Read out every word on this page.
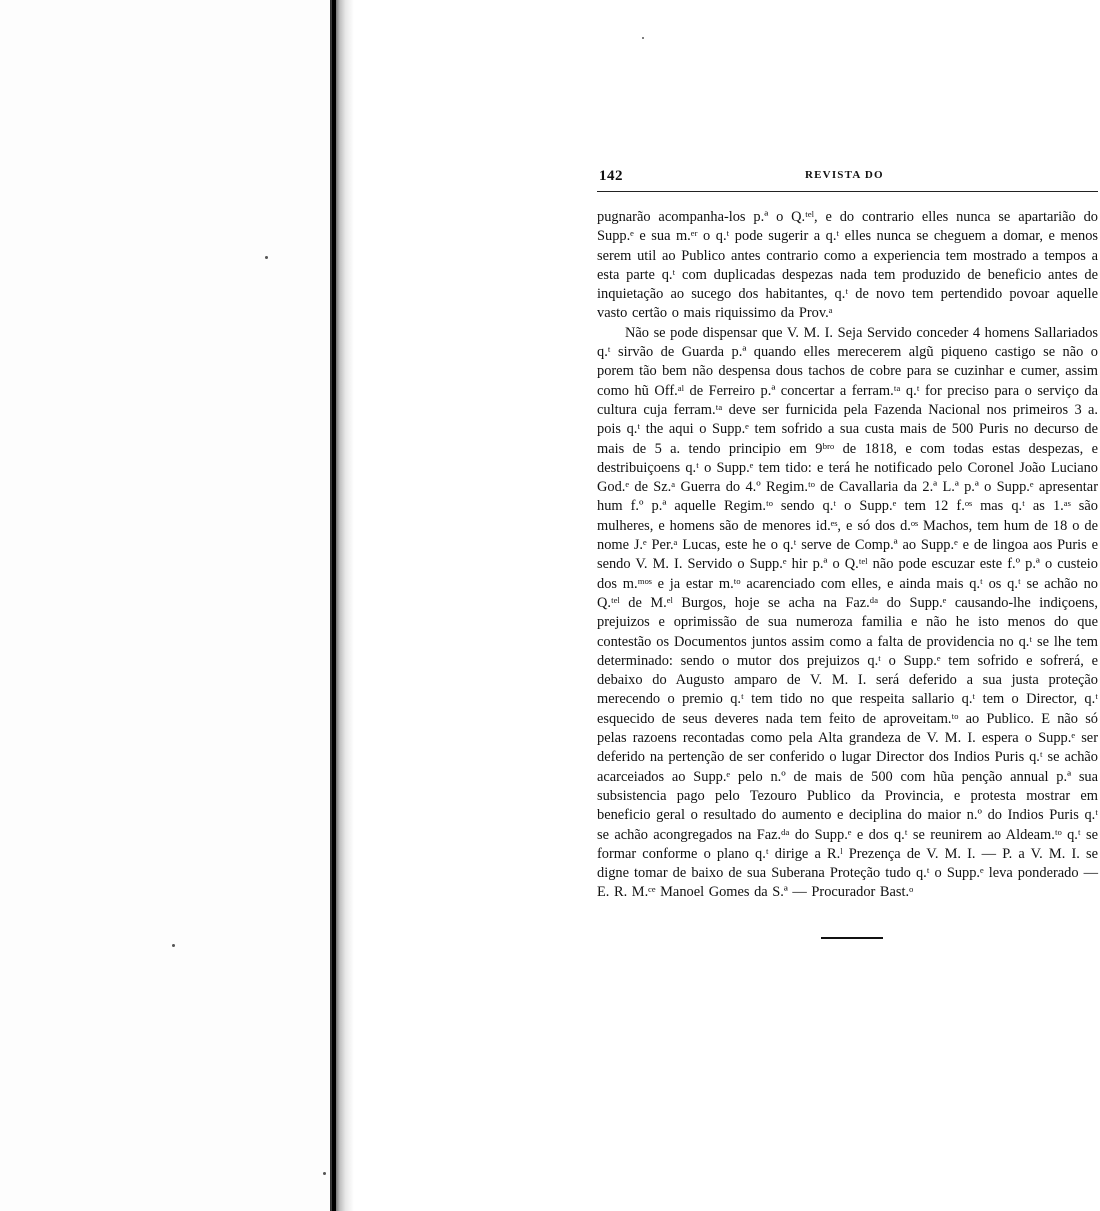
142	REVISTA DO

pugnarão acompanha-los p.ª o Q.ᵗᵉˡ, e do contrario elles nunca se apartarião do Supp.ᵉ e sua m.ᵉʳ o q.ᵗ pode sugerir a q.ᵗ elles nunca se cheguem a domar, e menos serem util ao Publico antes contrario como a experiencia tem mostrado a tempos a esta parte q.ᵗ com duplicadas despezas nada tem produzido de beneficio antes de inquietação ao sucego dos habitantes, q.ᵗ de novo tem pertendido povoar aquelle vasto certão o mais riquissimo da Prov.ᵃ

Não se pode dispensar que V. M. I. Seja Servido conceder 4 homens Sallariados q.ᵗ sirvão de Guarda p.ª quando elles merecerem algũ piqueno castigo se não o porem tão bem não despensa dous tachos de cobre para se cuzinhar e cumer, assim como hũ Off.ᵃˡ de Ferreiro p.ª concertar a ferram.ᵗᵃ q.ᵗ for preciso para o serviço da cultura cuja ferram.ᵗᵃ deve ser furnicida pela Fazenda Nacional nos primeiros 3 a. pois q.ᵗ the aqui o Supp.ᵉ tem sofrido a sua custa mais de 500 Puris no decurso de mais de 5 a. tendo principio em 9ᵇʳᵒ de 1818, e com todas estas despezas, e destribuiçoens q.ᵗ o Supp.ᵉ tem tido: e terá he notificado pelo Coronel João Luciano God.ᵉ de Sz.ᵃ Guerra do 4.º Regim.ᵗᵒ de Cavallaria da 2.ª L.ª p.ª o Supp.ᵉ apresentar hum f.º p.ª aquelle Regim.ᵗᵒ sendo q.ᵗ o Supp.ᵉ tem 12 f.ᵒˢ mas q.ᵗ as 1.ᵃˢ são mulheres, e homens são de menores id.ᵉˢ, e só dos d.ᵒˢ Machos, tem hum de 18 o de nome J.ᵉ Per.ᵃ Lucas, este he o q.ᵗ serve de Comp.ª ao Supp.ᵉ e de lingoa aos Puris e sendo V. M. I. Servido o Supp.ᵉ hir p.ª o Q.ᵗᵉˡ não pode escuzar este f.º p.ª o custeio dos m.ᵐᵒˢ e ja estar m.ᵗᵒ acarenciado com elles, e ainda mais q.ᵗ os q.ᵗ se achão no Q.ᵗᵉˡ de M.ᵉˡ Burgos, hoje se acha na Faz.ᵈᵃ do Supp.ᵉ causando-lhe indiçoens, prejuizos e oprimissão de sua numeroza familia e não he isto menos do que contestão os Documentos juntos assim como a falta de providencia no q.ᵗ se lhe tem determinado: sendo o mutor dos prejuizos q.ᵗ o Supp.ᵉ tem sofrido e sofrerá, e debaixo do Augusto amparo de V. M. I. será deferido a sua justa proteção merecendo o premio q.ᵗ tem tido no que respeita sallario q.ᵗ tem o Director, q.ᵗ esquecido de seus deveres nada tem feito de aproveitam.ᵗᵒ ao Publico. E não só pelas razoens recontadas como pela Alta grandeza de V. M. I. espera o Supp.ᵉ ser deferido na pertenção de ser conferido o lugar Director dos Indios Puris q.ᵗ se achão acarceiados ao Supp.ᵉ pelo n.º de mais de 500 com hũa penção annual p.ª sua subsistencia pago pelo Tezouro Publico da Provincia, e protesta mostrar em beneficio geral o resultado do aumento e deciplina do maior n.º do Indios Puris q.ᵗ se achão acongregados na Faz.ᵈᵃ do Supp.ᵉ e dos q.ᵗ se reunirem ao Aldeam.ᵗᵒ q.ᵗ se formar conforme o plano q.ᵗ dirige a R.ˡ Prezença de V. M. I. — P. a V. M. I. se digne tomar de baixo de sua Suberana Proteção tudo q.ᵗ o Supp.ᵉ leva ponderado — E. R. M.ᶜᵉ Manoel Gomes da S.ª — Procurador Bast.ᵒ
